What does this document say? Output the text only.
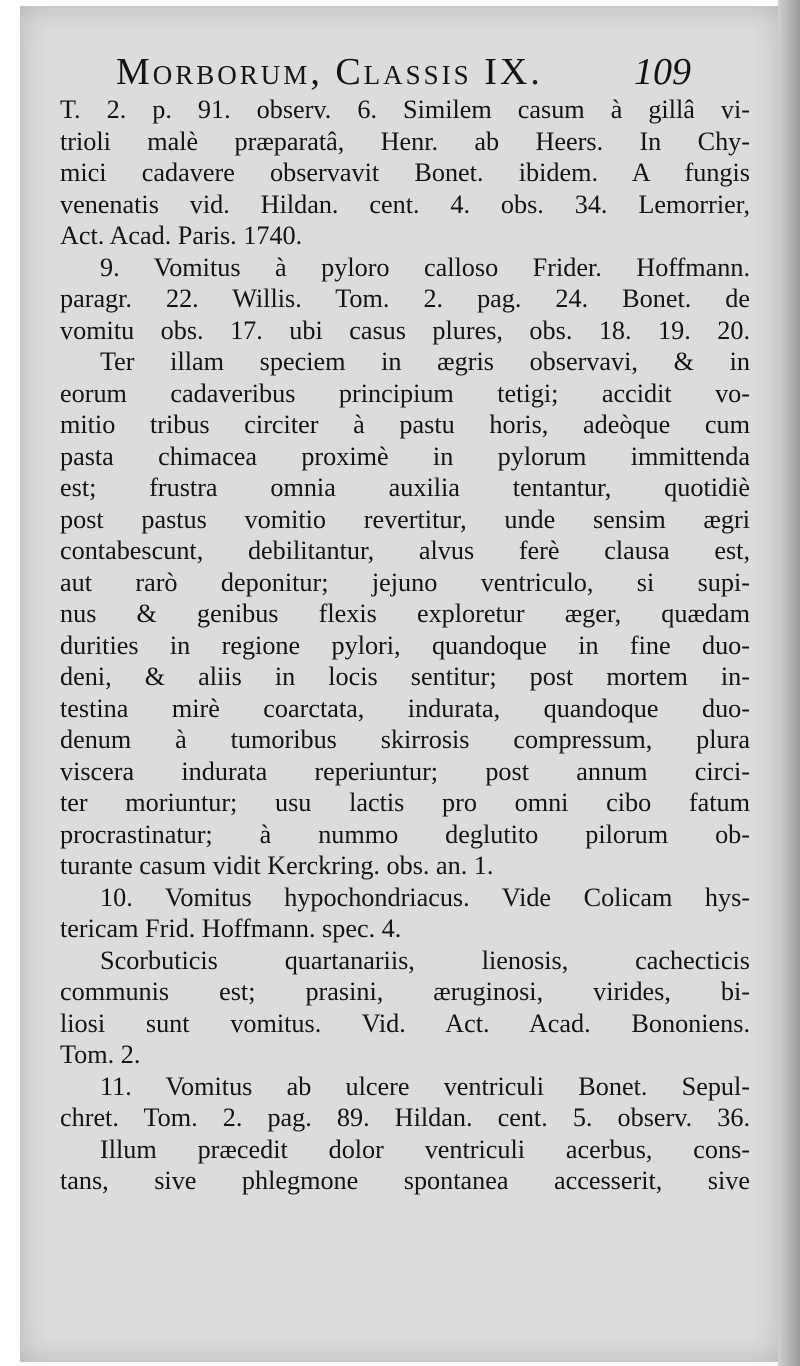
Morborum, Classis IX. 109
T. 2. p. 91. observ. 6. Similem casum à gillâ vi-
trioli malè præparatâ, Henr. ab Heers. In Chy-
mici cadavere observavit Bonet. ibidem. A fungis
venenatis vid. Hildan. cent. 4. obs. 34. Lemorrier,
Act. Acad. Paris. 1740.
9. Vomitus à pyloro calloso Frider. Hoffmann.
paragr. 22. Willis. Tom. 2. pag. 24. Bonet. de
vomitu obs. 17. ubi casus plures, obs. 18. 19. 20.
Ter illam speciem in ægris observavi, & in
eorum cadaveribus principium tetigi; accidit vo-
mitio tribus circiter à pastu horis, adeòque cum
pasta chimacea proximè in pylorum immittenda
est; frustra omnia auxilia tentantur, quotidiè
post pastus vomitio revertitur, unde sensim ægri
contabescunt, debilitantur, alvus ferè clausa est,
aut rarò deponitur; jejuno ventriculo, si supi-
nus & genibus flexis exploretur æger, quædam
durities in regione pylori, quandoque in fine duo-
deni, & aliis in locis sentitur; post mortem in-
testina mirè coarctata, indurata, quandoque duo-
denum à tumoribus skirrosis compressum, plura
viscera indurata reperiuntur; post annum circi-
ter moriuntur; usu lactis pro omni cibo fatum
procrastinatur; à nummo deglutito pilorum ob-
turante casum vidit Kerckring. obs. an. 1.
10. Vomitus hypochondriacus. Vide Colicam hys-
tericam Frid. Hoffmann. spec. 4.
Scorbuticis quartanariis, lienosis, cachecticis
communis est; prasini, æruginosi, virides, bi-
liosi sunt vomitus. Vid. Act. Acad. Bononiens.
Tom. 2.
11. Vomitus ab ulcere ventriculi Bonet. Sepul-
chret. Tom. 2. pag. 89. Hildan. cent. 5. observ. 36.
Illum præcedit dolor ventriculi acerbus, cons-
tans, sive phlegmone spontanea accesserit, sive
